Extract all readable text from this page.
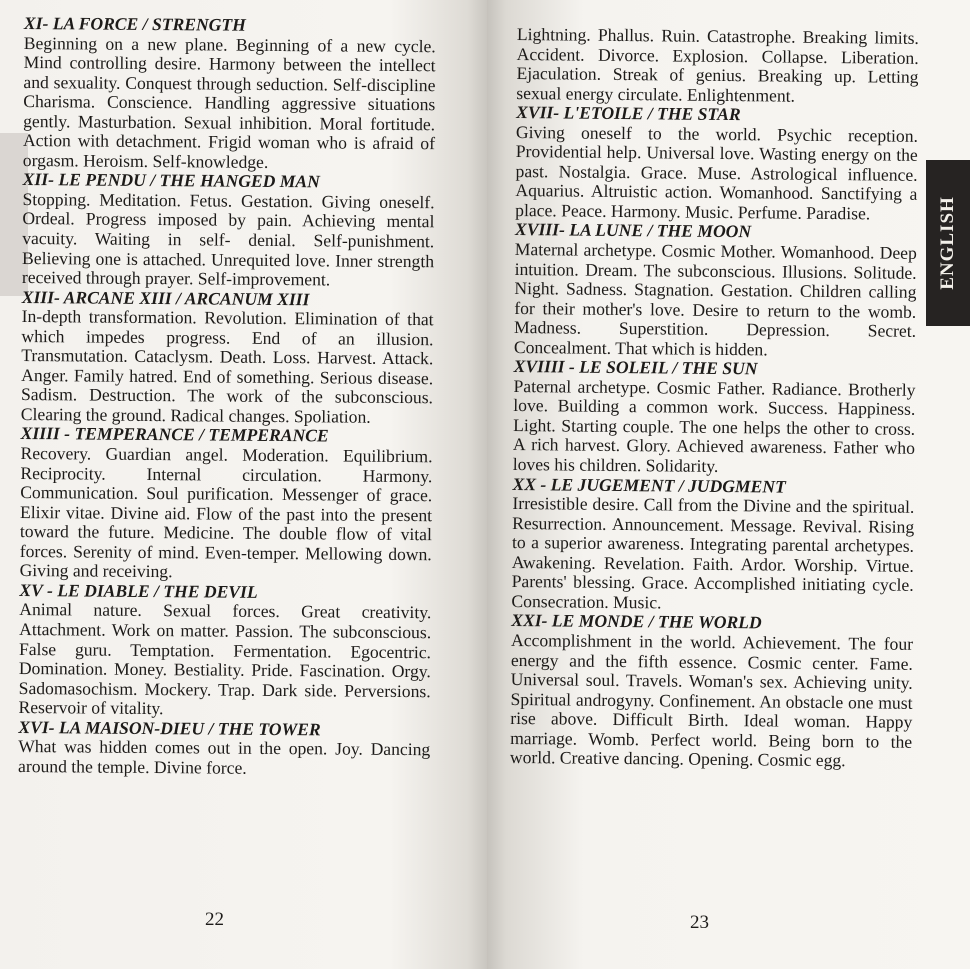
XI- LA FORCE / STRENGTH

Beginning on a new plane. Beginning of a new cycle. Mind controlling desire. Harmony between the intellect and sexuality. Conquest through seduction. Self-discipline Charisma. Conscience. Handling aggressive situations gently. Masturbation. Sexual inhibition. Moral fortitude. Action with detachment. Frigid woman who is afraid of orgasm. Heroism. Self-knowledge.

XII- LE PENDU / THE HANGED MAN

Stopping. Meditation. Fetus. Gestation. Giving oneself. Ordeal. Progress imposed by pain. Achieving mental vacuity. Waiting in self- denial. Self-punishment. Believing one is attached. Unrequited love. Inner strength received through prayer. Self-improvement.

XIII- ARCANE XIII / ARCANUM XIII

In-depth transformation. Revolution. Elimination of that which impedes progress. End of an illusion. Transmutation. Cataclysm. Death. Loss. Harvest. Attack. Anger. Family hatred. End of something. Serious disease. Sadism. Destruction. The work of the subconscious. Clearing the ground. Radical changes. Spoliation.

XIIII - TEMPERANCE / TEMPERANCE

Recovery. Guardian angel. Moderation. Equilibrium. Reciprocity. Internal circulation. Harmony. Communication. Soul purification. Messenger of grace. Elixir vitae. Divine aid. Flow of the past into the present toward the future. Medicine. The double flow of vital forces. Serenity of mind. Even-temper. Mellowing down. Giving and receiving.

XV - LE DIABLE / THE DEVIL

Animal nature. Sexual forces. Great creativity. Attachment. Work on matter. Passion. The subconscious. False guru. Temptation. Fermentation. Egocentric. Domination. Money. Bestiality. Pride. Fascination. Orgy. Sadomasochism. Mockery. Trap. Dark side. Perversions. Reservoir of vitality.

XVI- LA MAISON-DIEU / THE TOWER

What was hidden comes out in the open. Joy. Dancing around the temple. Divine force.

22

Lightning. Phallus. Ruin. Catastrophe. Breaking limits. Accident. Divorce. Explosion. Collapse. Liberation. Ejaculation. Streak of genius. Breaking up. Letting sexual energy circulate. Enlightenment.

XVII- L'ETOILE / THE STAR

Giving oneself to the world. Psychic reception. Providential help. Universal love. Wasting energy on the past. Nostalgia. Grace. Muse. Astrological influence. Aquarius. Altruistic action. Womanhood. Sanctifying a place. Peace. Harmony. Music. Perfume. Paradise.

XVIII- LA LUNE / THE MOON

Maternal archetype. Cosmic Mother. Womanhood. Deep intuition. Dream. The subconscious. Illusions. Solitude. Night. Sadness. Stagnation. Gestation. Children calling for their mother's love. Desire to return to the womb. Madness. Superstition. Depression. Secret. Concealment. That which is hidden.

XVIIII - LE SOLEIL / THE SUN

Paternal archetype. Cosmic Father. Radiance. Brotherly love. Building a common work. Success. Happiness. Light. Starting couple. The one helps the other to cross. A rich harvest. Glory. Achieved awareness. Father who loves his children. Solidarity.

XX - LE JUGEMENT / JUDGMENT

Irresistible desire. Call from the Divine and the spiritual. Resurrection. Announcement. Message. Revival. Rising to a superior awareness. Integrating parental archetypes. Awakening. Revelation. Faith. Ardor. Worship. Virtue. Parents' blessing. Grace. Accomplished initiating cycle. Consecration. Music.

XXI- LE MONDE / THE WORLD

Accomplishment in the world. Achievement. The four energy and the fifth essence. Cosmic center. Fame. Universal soul. Travels. Woman's sex. Achieving unity. Spiritual androgyny. Confinement. An obstacle one must rise above. Difficult Birth. Ideal woman. Happy marriage. Womb. Perfect world. Being born to the world. Creative dancing. Opening. Cosmic egg.

ENGLISH
23
